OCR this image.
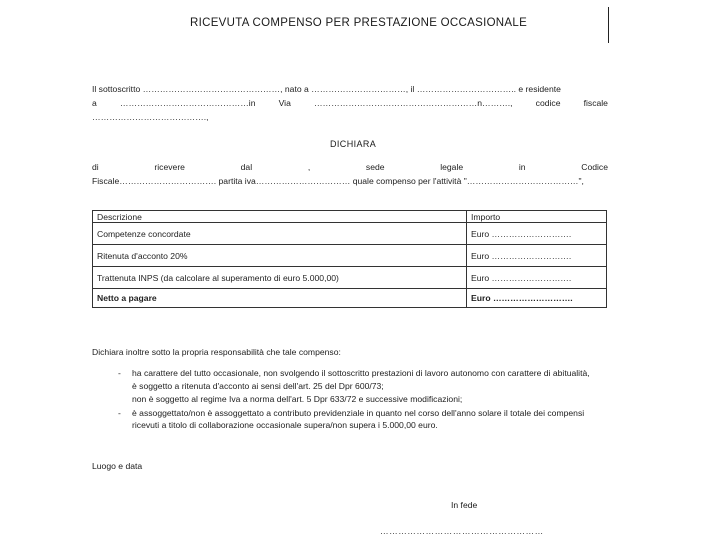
RICEVUTA COMPENSO PER PRESTAZIONE OCCASIONALE
Il sottoscritto …………………………………………, nato a ……………………………, il …………………………….. e residente
a	………………………………………in	Via	…………………………………………………n……….,	codice	fiscale
………………………………….,
DICHIARA
di	ricevere	dal	,	sede	legale	in	Codice
Fiscale……………………………. partita iva…………………………… quale compenso per l'attività "…………………………………",
Descrizione	Importo
Competenze concordate	Euro ……………………….
Ritenuta d'acconto 20%	Euro ……………………….
Trattenuta INPS (da calcolare al superamento di euro 5.000,00)	Euro ……………………….
Netto a pagare	Euro ……………………….
Dichiara inoltre sotto la propria responsabilità che tale compenso:
- ha carattere del tutto occasionale, non svolgendo il sottoscritto prestazioni di lavoro autonomo con carattere di abitualità,
è soggetto a ritenuta d'acconto ai sensi dell'art. 25 del Dpr 600/73;
non è soggetto al regime Iva a norma dell'art. 5 Dpr 633/72 e successive modificazioni;
- è assoggettato/non è assoggettato a contributo previdenziale in quanto nel corso dell'anno solare il totale dei compensi ricevuti a titolo di collaborazione occasionale supera/non supera i 5.000,00 euro.
Luogo e data
In fede
………………………………………………
